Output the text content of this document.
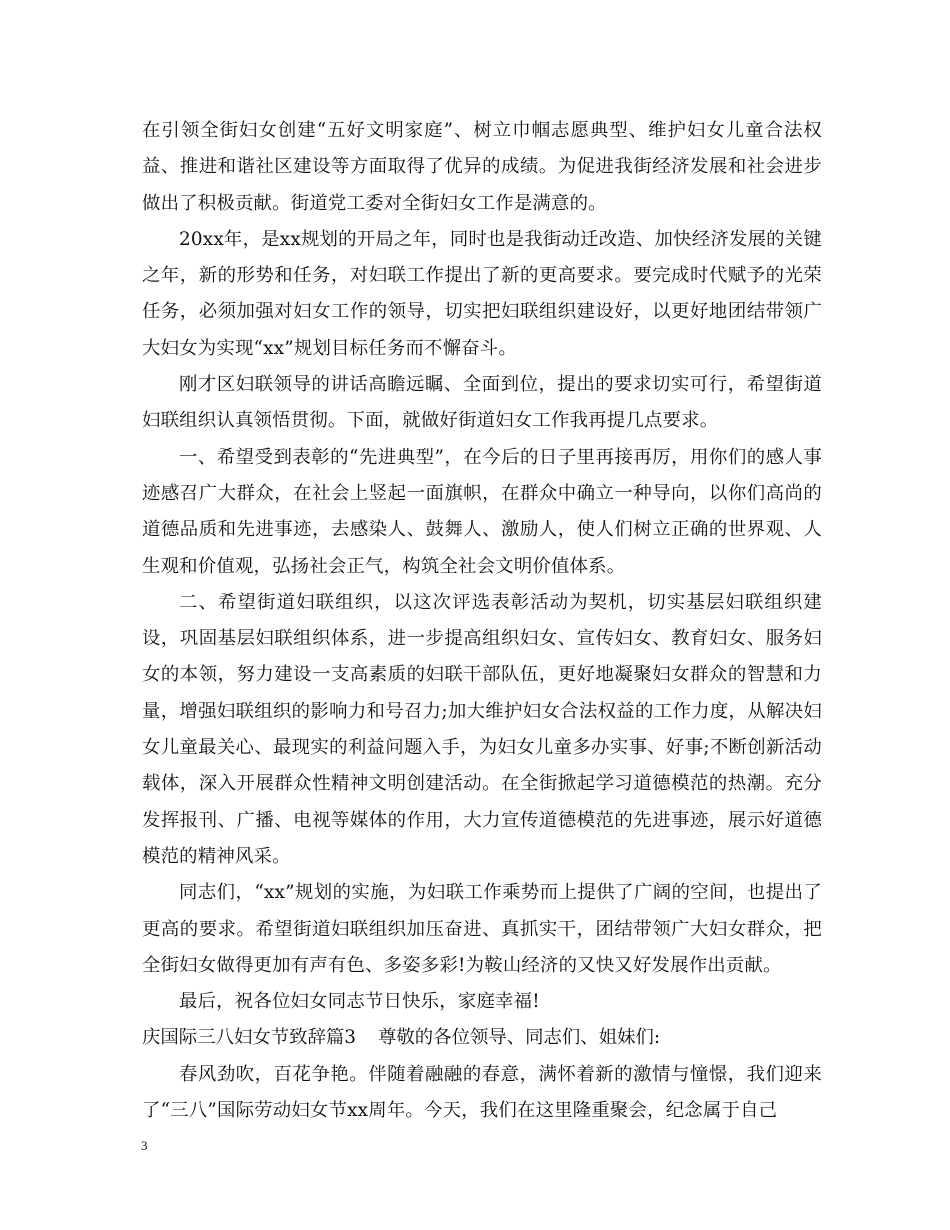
在引领全街妇女创建“五好文明家庭”、树立巾帼志愿典型、维护妇女儿童合法权益、推进和谐社区建设等方面取得了优异的成绩。为促进我街经济发展和社会进步做出了积极贡献。街道党工委对全街妇女工作是满意的。

20xx年，是xx规划的开局之年，同时也是我街动迁改造、加快经济发展的关键之年，新的形势和任务，对妇联工作提出了新的更高要求。要完成时代赋予的光荣任务，必须加强对妇女工作的领导，切实把妇联组织建设好，以更好地团结带领广大妇女为实现“xx”规划目标任务而不懈奋斗。

刚才区妇联领导的讲话高瞻远瞩、全面到位，提出的要求切实可行，希望街道妇联组织认真领悟贯彻。下面，就做好街道妇女工作我再提几点要求。

一、希望受到表彰的“先进典型”，在今后的日子里再接再厉，用你们的感人事迹感召广大群众，在社会上竖起一面旗帜，在群众中确立一种导向，以你们高尚的道德品质和先进事迹，去感染人、鼓舞人、激励人，使人们树立正确的世界观、人生观和价值观，弘扬社会正气，构筑全社会文明价值体系。

二、希望街道妇联组织，以这次评选表彰活动为契机，切实基层妇联组织建设，巩固基层妇联组织体系，进一步提高组织妇女、宣传妇女、教育妇女、服务妇女的本领，努力建设一支高素质的妇联干部队伍，更好地凝聚妇女群众的智慧和力量，增强妇联组织的影响力和号召力;加大维护妇女合法权益的工作力度，从解决妇女儿童最关心、最现实的利益问题入手，为妇女儿童多办实事、好事;不断创新活动载体，深入开展群众性精神文明创建活动。在全街掀起学习道德模范的热潮。充分发挥报刊、广播、电视等媒体的作用，大力宣传道德模范的先进事迹，展示好道德模范的精神风采。

同志们，“xx”规划的实施，为妇联工作乘势而上提供了广阔的空间，也提出了更高的要求。希望街道妇联组织加压奋进、真抓实干，团结带领广大妇女群众，把全街妇女做得更加有声有色、多姿多彩!为鞍山经济的又快又好发展作出贡献。

最后，祝各位妇女同志节日快乐，家庭幸福!

庆国际三八妇女节致辞篇3 尊敬的各位领导、同志们、姐妹们:

春风劲吹，百花争艳。伴随着融融的春意，满怀着新的激情与憧憬，我们迎来了“三八”国际劳动妇女节xx周年。今天，我们在这里隆重聚会，纪念属于自己

3
